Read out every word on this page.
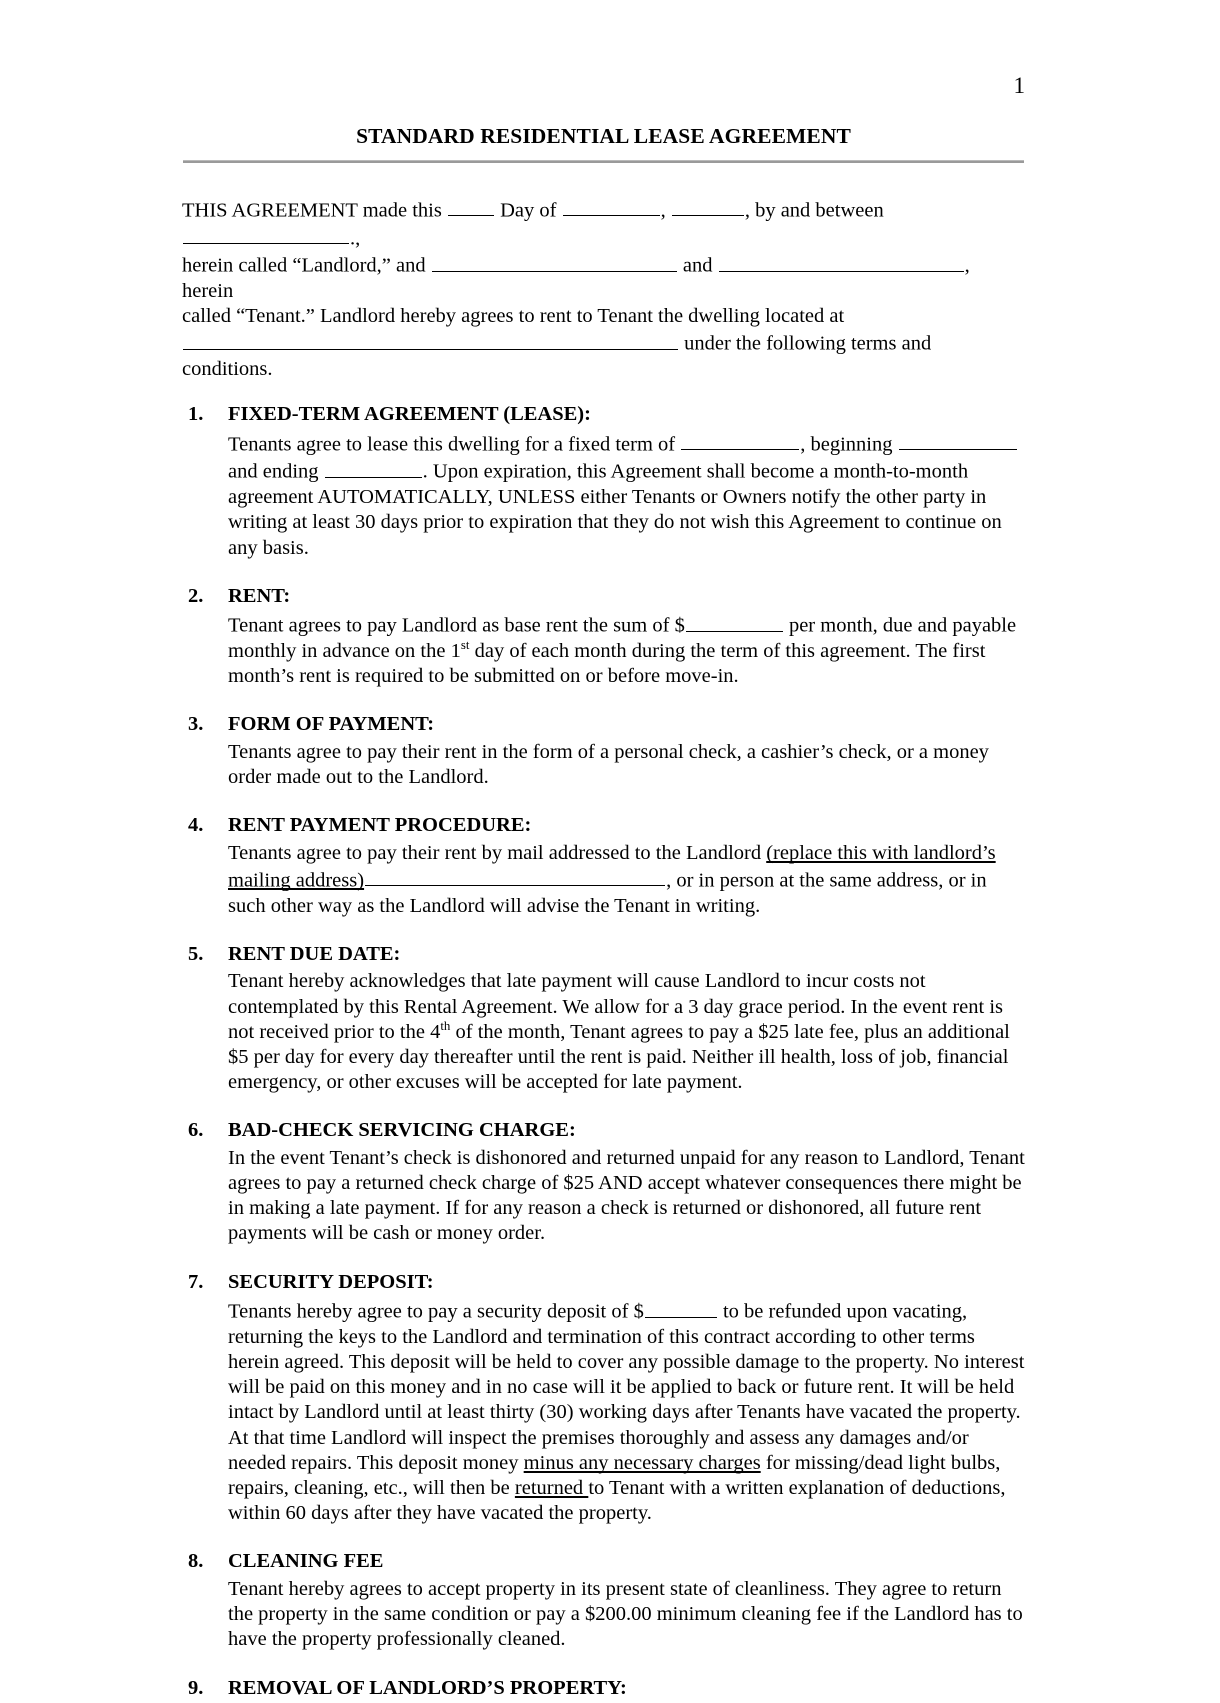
1
STANDARD RESIDENTIAL LEASE AGREEMENT

THIS AGREEMENT made this  Day of	,	, by and between .,
herein called “Landlord,” and	and	, herein
called “Tenant.” Landlord hereby agrees to rent to Tenant the dwelling located at
under the following terms and conditions.

1. FIXED-TERM AGREEMENT (LEASE):
Tenants agree to lease this dwelling for a fixed term of	, beginning  and ending	. Upon expiration, this Agreement shall become a month-to-month agreement AUTOMATICALLY, UNLESS either Tenants or Owners notify the other party in writing at least 30 days prior to expiration that they do not wish this Agreement to continue on any basis.
2. RENT:
Tenant agrees to pay Landlord as base rent the sum of $	per month, due and payable monthly in advance on the 1st day of each month during the term of this agreement. The first month’s rent is required to be submitted on or before move-in.
3. FORM OF PAYMENT:
Tenants agree to pay their rent in the form of a personal check, a cashier’s check, or a money order made out to the Landlord.
4. RENT PAYMENT PROCEDURE:
Tenants agree to pay their rent by mail addressed to the Landlord (replace this with landlord’s mailing address)	, or in person at the same address, or in such other way as the Landlord will advise the Tenant in writing.
5. RENT DUE DATE:
Tenant hereby acknowledges that late payment will cause Landlord to incur costs not contemplated by this Rental Agreement. We allow for a 3 day grace period. In the event rent is not received prior to the 4th of the month, Tenant agrees to pay a $25 late fee, plus an additional $5 per day for every day thereafter until the rent is paid. Neither ill health, loss of job, financial emergency, or other excuses will be accepted for late payment.
6. BAD-CHECK SERVICING CHARGE:
In the event Tenant’s check is dishonored and returned unpaid for any reason to Landlord, Tenant agrees to pay a returned check charge of $25 AND accept whatever consequences there might be in making a late payment. If for any reason a check is returned or dishonored, all future rent payments will be cash or money order.
7. SECURITY DEPOSIT:
Tenants hereby agree to pay a security deposit of $	to be refunded upon vacating, returning the keys to the Landlord and termination of this contract according to other terms herein agreed. This deposit will be held to cover any possible damage to the property. No interest will be paid on this money and in no case will it be applied to back or future rent. It will be held intact by Landlord until at least thirty (30) working days after Tenants have vacated the property. At that time Landlord will inspect the premises thoroughly and assess any damages and/or needed repairs. This deposit money minus any necessary charges for missing/dead light bulbs, repairs, cleaning, etc., will then be returned to Tenant with a written explanation of deductions, within 60 days after they have vacated the property.
8. CLEANING FEE
Tenant hereby agrees to accept property in its present state of cleanliness. They agree to return the property in the same condition or pay a $200.00 minimum cleaning fee if the Landlord has to have the property professionally cleaned.
9. REMOVAL OF LANDLORD’S PROPERTY:
